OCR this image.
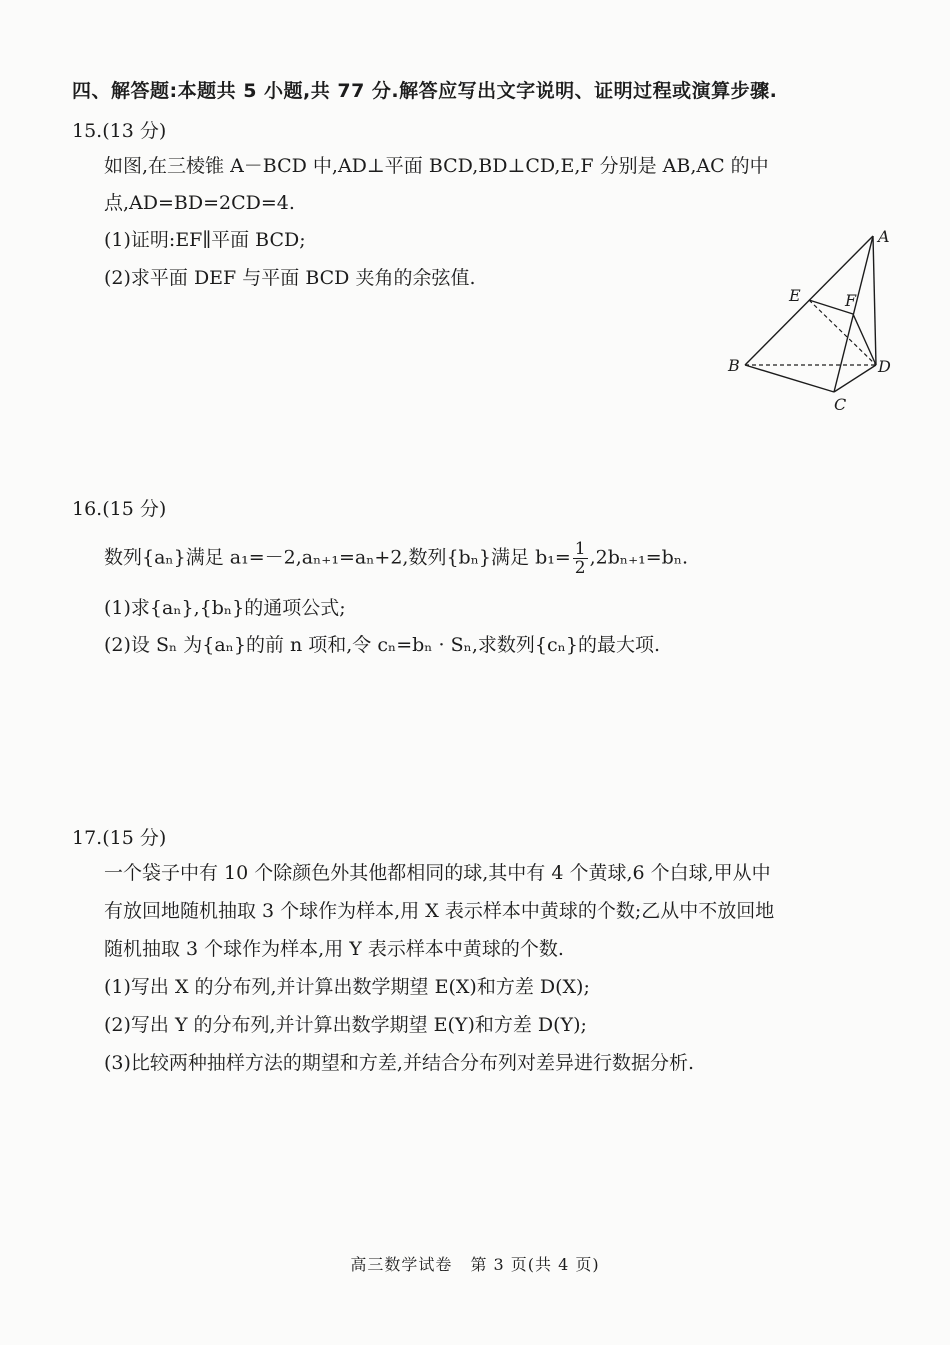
四、解答题:本题共 5 小题,共 77 分.解答应写出文字说明、证明过程或演算步骤.
15.(13 分)
如图,在三棱锥 A－BCD 中,AD⊥平面 BCD,BD⊥CD,E,F 分别是 AB,AC 的中
点,AD=BD=2CD=4.
(1)证明:EF∥平面 BCD;
(2)求平面 DEF 与平面 BCD 夹角的余弦值.
A
B
C
D
E	F
16.(15 分)
数列{aₙ}满足 a₁=－2,aₙ₊₁=aₙ+2,数列{bₙ}满足 $b_1= \frac{1}{2} ,2b_{n+1}=b_n$.
(1)求{aₙ},{bₙ}的通项公式;
(2)设 Sₙ 为{aₙ}的前 n 项和,令 cₙ=bₙ · Sₙ,求数列{cₙ}的最大项.
17.(15 分)
一个袋子中有 10 个除颜色外其他都相同的球,其中有 4 个黄球,6 个白球,甲从中
有放回地随机抽取 3 个球作为样本,用 X 表示样本中黄球的个数;乙从中不放回地
随机抽取 3 个球作为样本,用 Y 表示样本中黄球的个数.
(1)写出 X 的分布列,并计算出数学期望 E(X)和方差 D(X);
(2)写出 Y 的分布列,并计算出数学期望 E(Y)和方差 D(Y);
(3)比较两种抽样方法的期望和方差,并结合分布列对差异进行数据分析.
高三数学试卷 第 3 页(共 4 页)
